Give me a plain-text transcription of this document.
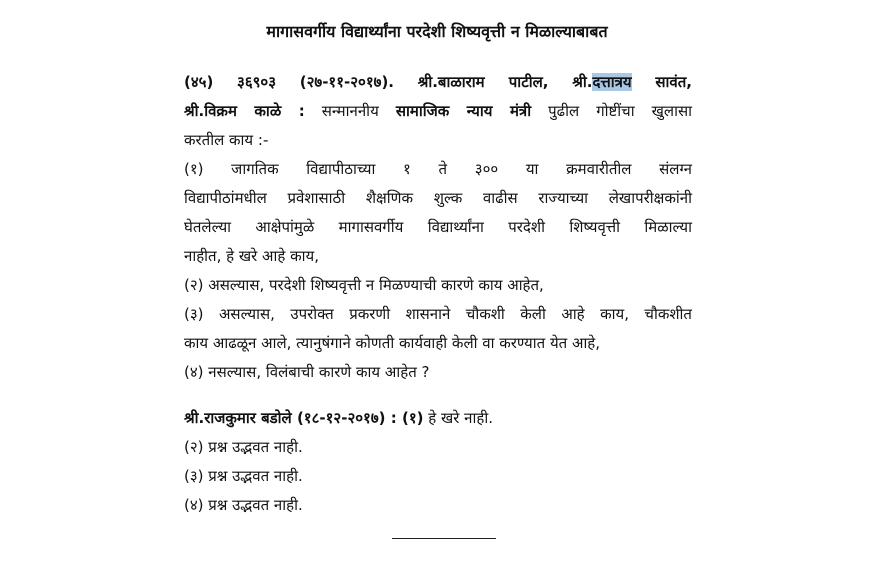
मागासवर्गीय विद्यार्थ्यांना परदेशी शिष्यवृत्ती न मिळाल्याबाबत

(४५) ३६९०३ (२७-११-२०१७). श्री.बाळाराम पाटील, श्री.दत्तात्रय सावंत,

श्री.विक्रम काळे : सन्माननीय सामाजिक न्याय मंत्री पुढील गोष्टींचा खुलासा

करतील काय :-

(१) जागतिक विद्यापीठाच्या १ ते ३०० या क्रमवारीतील संलग्न

विद्यापीठांमधील प्रवेशासाठी शैक्षणिक शुल्क वाढीस राज्याच्या लेखापरीक्षकांनी

घेतलेल्या आक्षेपांमुळे मागासवर्गीय विद्यार्थ्यांना परदेशी शिष्यवृत्ती मिळाल्या

नाहीत, हे खरे आहे काय,

(२) असल्यास, परदेशी शिष्यवृत्ती न मिळण्याची कारणे काय आहेत,

(३) असल्यास, उपरोक्त प्रकरणी शासनाने चौकशी केली आहे काय, चौकशीत

काय आढळून आले, त्यानुषंगाने कोणती कार्यवाही केली वा करण्यात येत आहे,

(४) नसल्यास, विलंबाची कारणे काय आहेत ?

श्री.राजकुमार बडोले (१८-१२-२०१७) : (१) हे खरे नाही.

(२) प्रश्न उद्भवत नाही.

(३) प्रश्न उद्भवत नाही.

(४) प्रश्न उद्भवत नाही.
